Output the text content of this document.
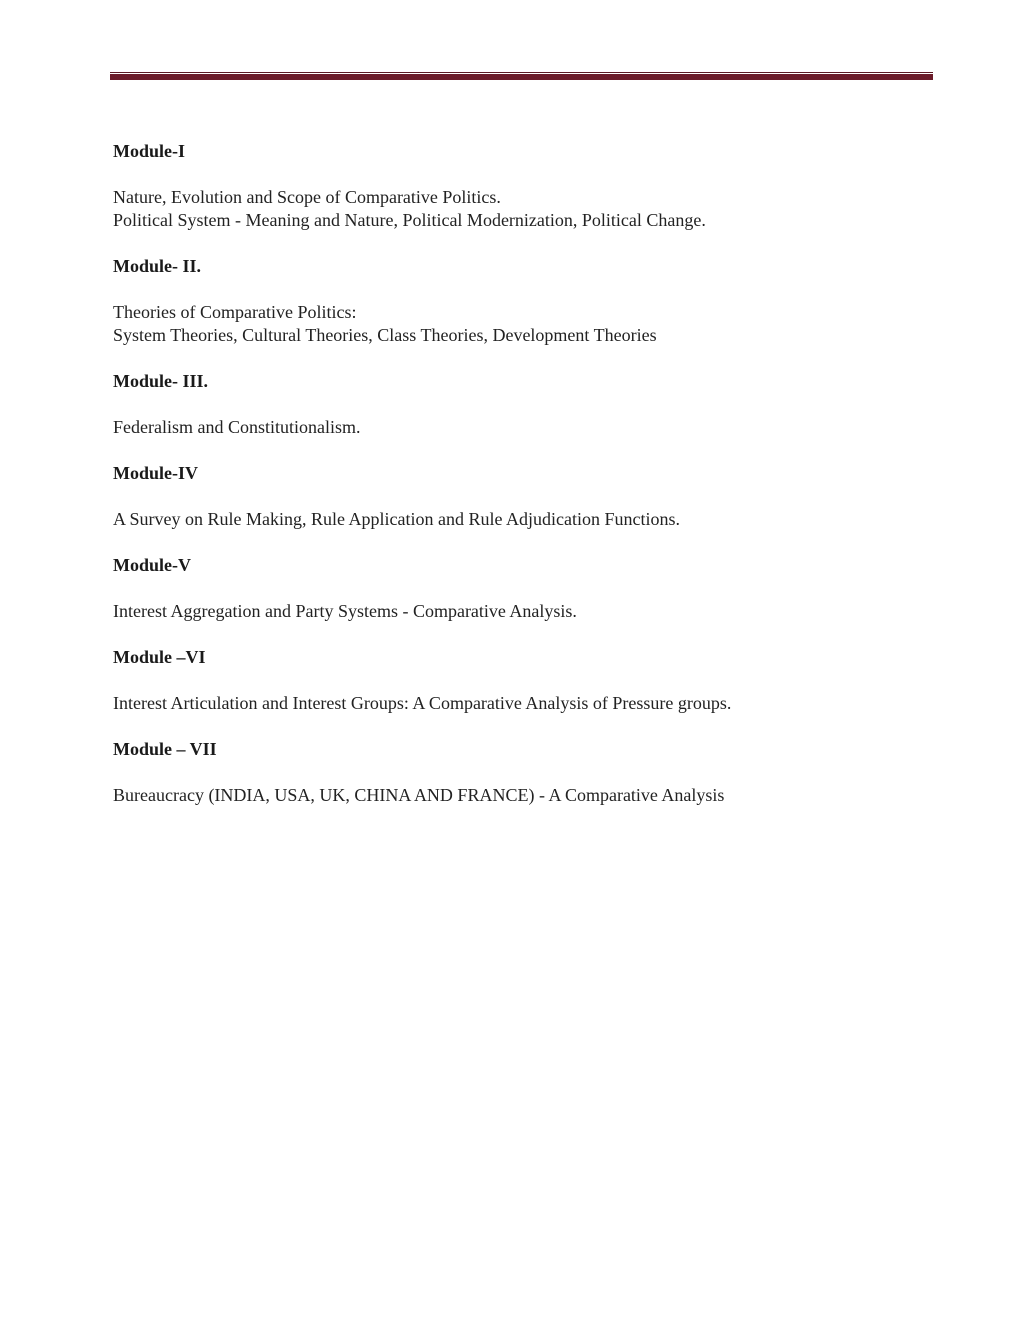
Module-I

Nature, Evolution and Scope of Comparative Politics.

Political System - Meaning and Nature, Political Modernization, Political Change.

Module- II.

Theories of Comparative Politics:

System Theories, Cultural Theories, Class Theories, Development Theories

Module- III.

Federalism and Constitutionalism.

Module-IV

A Survey on Rule Making, Rule Application and Rule Adjudication Functions.

Module-V

Interest Aggregation and Party Systems - Comparative Analysis.

Module –VI

Interest Articulation and Interest Groups: A Comparative Analysis of Pressure groups.

Module – VII

Bureaucracy (INDIA, USA, UK, CHINA AND FRANCE) - A Comparative Analysis
